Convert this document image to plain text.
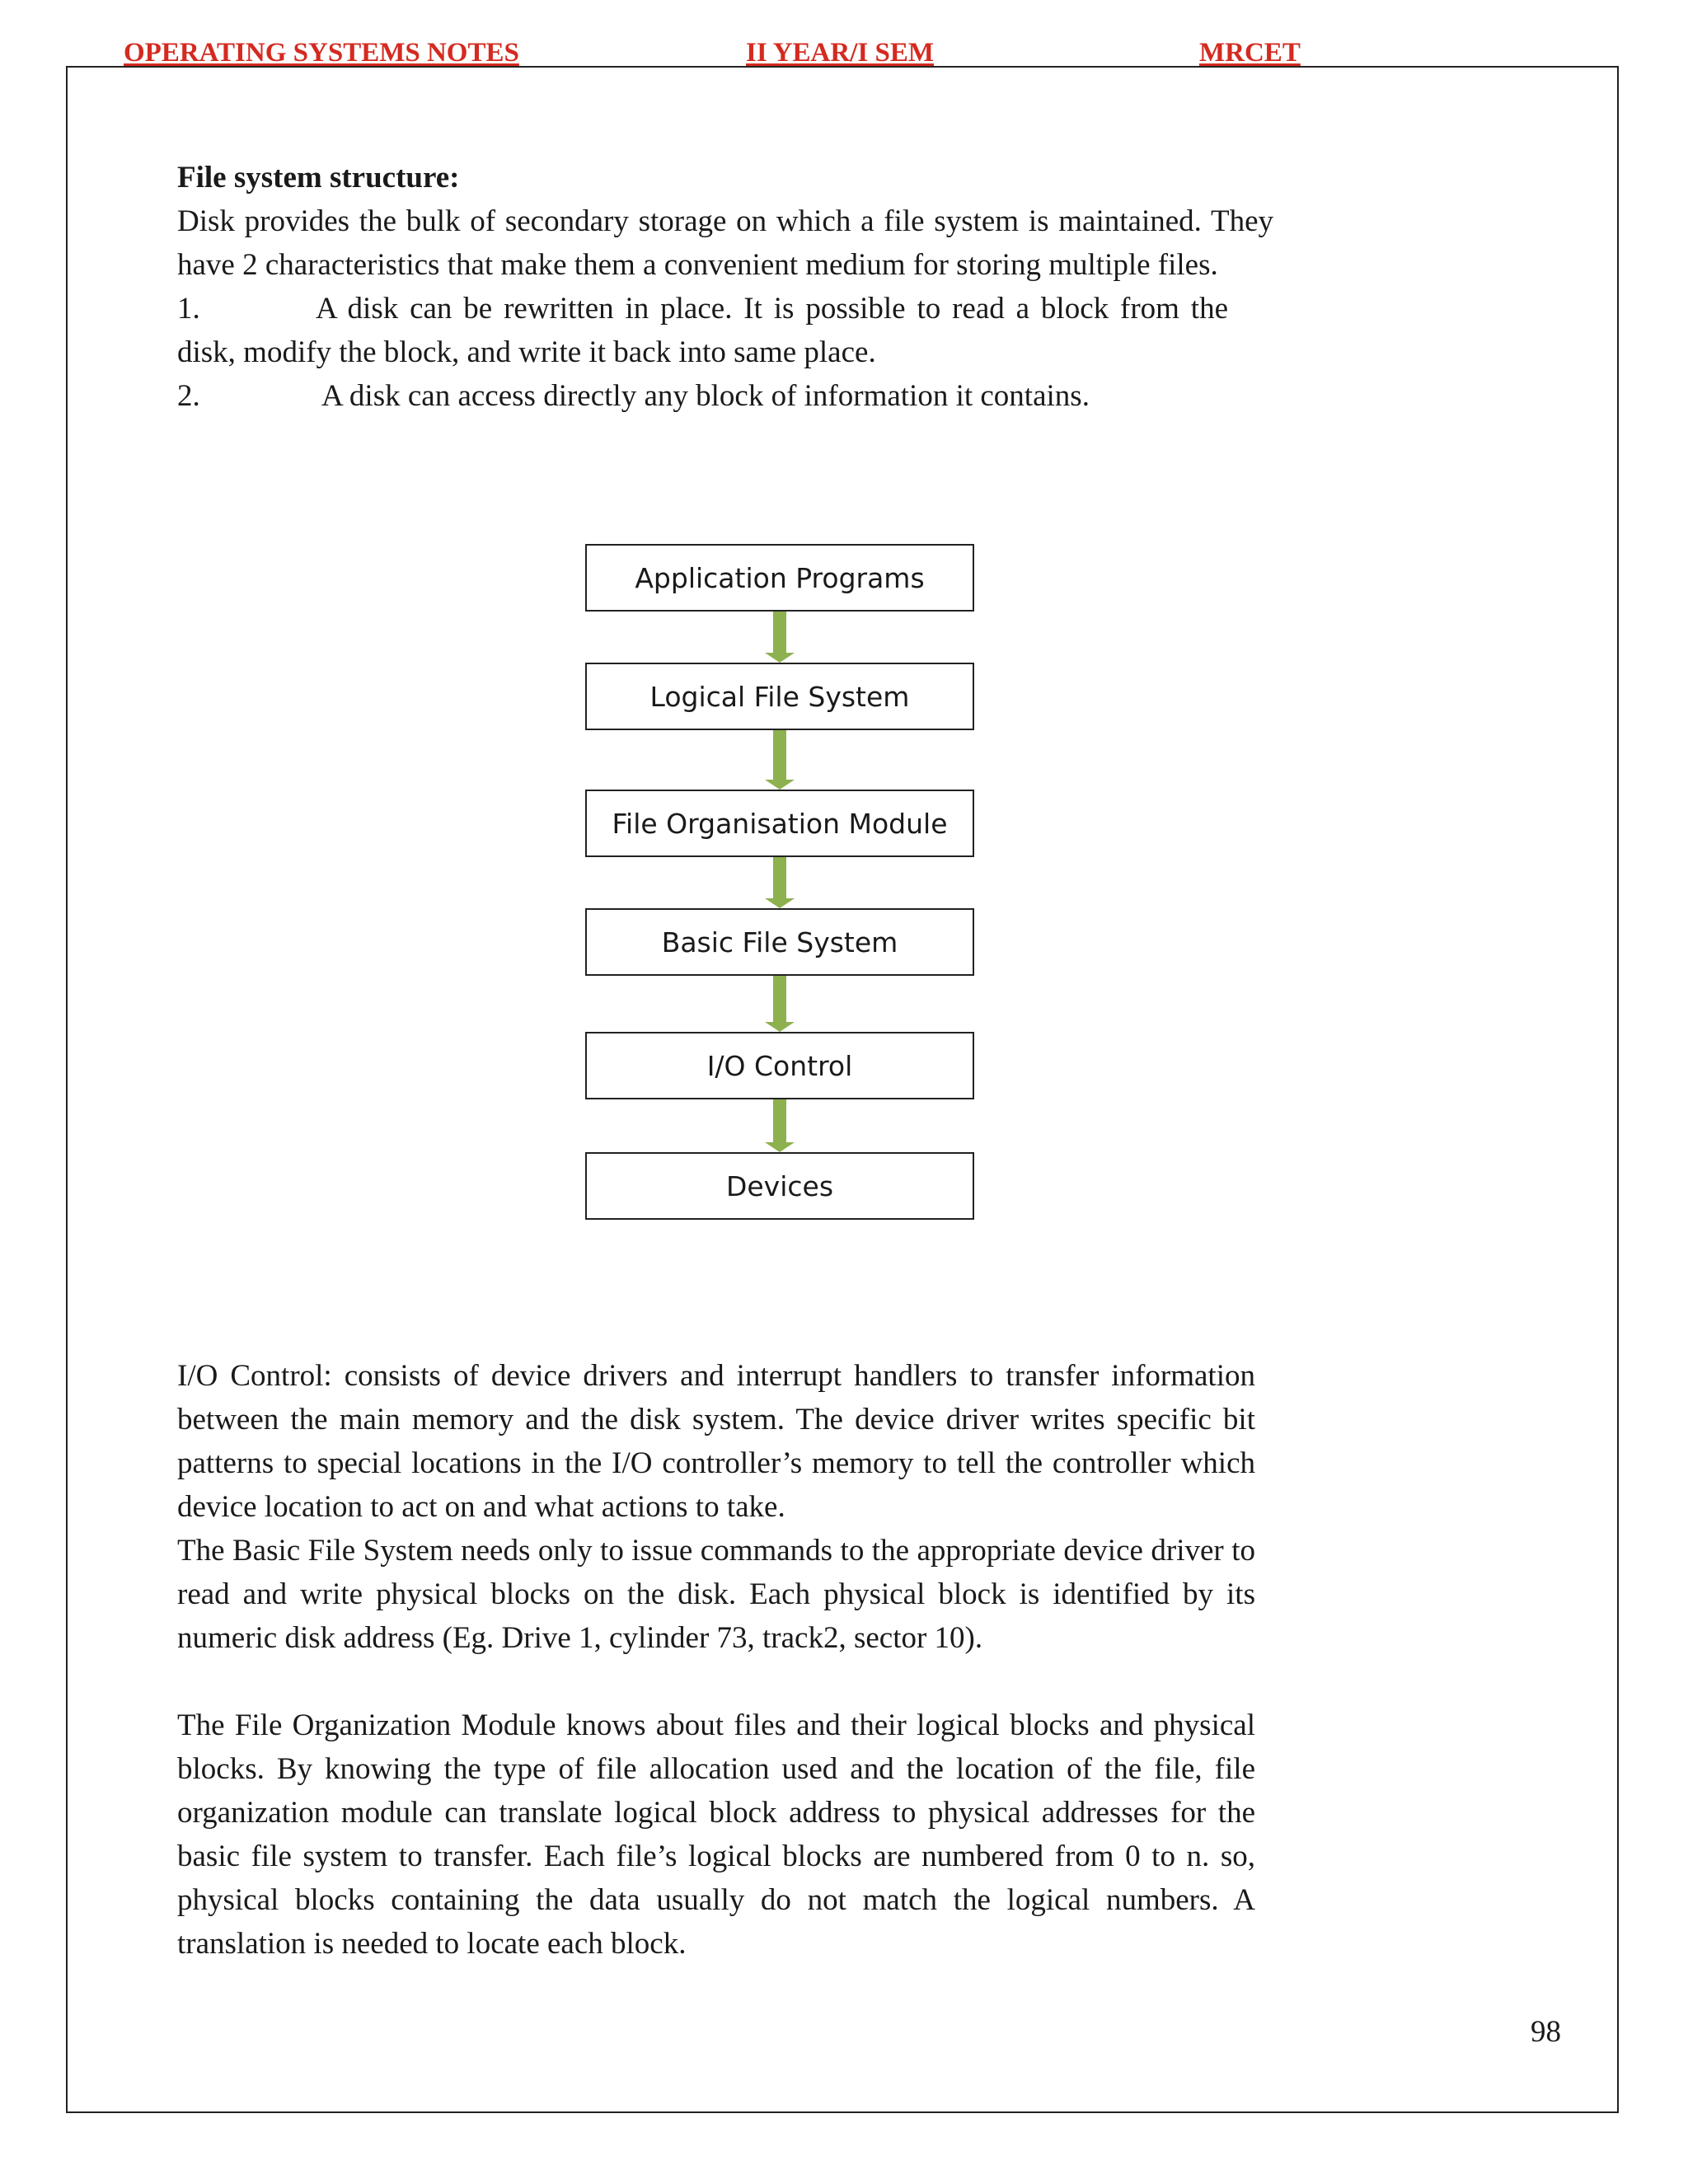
OPERATING SYSTEMS NOTES	II YEAR/I SEM	MRCET

File system structure:

Disk provides the bulk of secondary storage on which a file system is maintained. They have 2 characteristics that make them a convenient medium for storing multiple files.

1.	A disk can be rewritten in place. It is possible to read a block from the disk, modify the block, and write it back into same place.

2.	A disk can access directly any block of information it contains.

Application Programs
Logical File System
File Organisation Module
Basic File System
I/O Control
Devices

I/O Control: consists of device drivers and interrupt handlers to transfer information between the main memory and the disk system. The device driver writes specific bit patterns to special locations in the I/O controller’s memory to tell the controller which device location to act on and what actions to take.

The Basic File System needs only to issue commands to the appropriate device driver to read and write physical blocks on the disk. Each physical block is identified by its numeric disk address (Eg. Drive 1, cylinder 73, track2, sector 10).

The File Organization Module knows about files and their logical blocks and physical blocks. By knowing the type of file allocation used and the location of the file, file organization module can translate logical block address to physical addresses for the basic file system to transfer. Each file’s logical blocks are numbered from 0 to n. so, physical blocks containing the data usually do not match the logical numbers. A translation is needed to locate each block.

98
